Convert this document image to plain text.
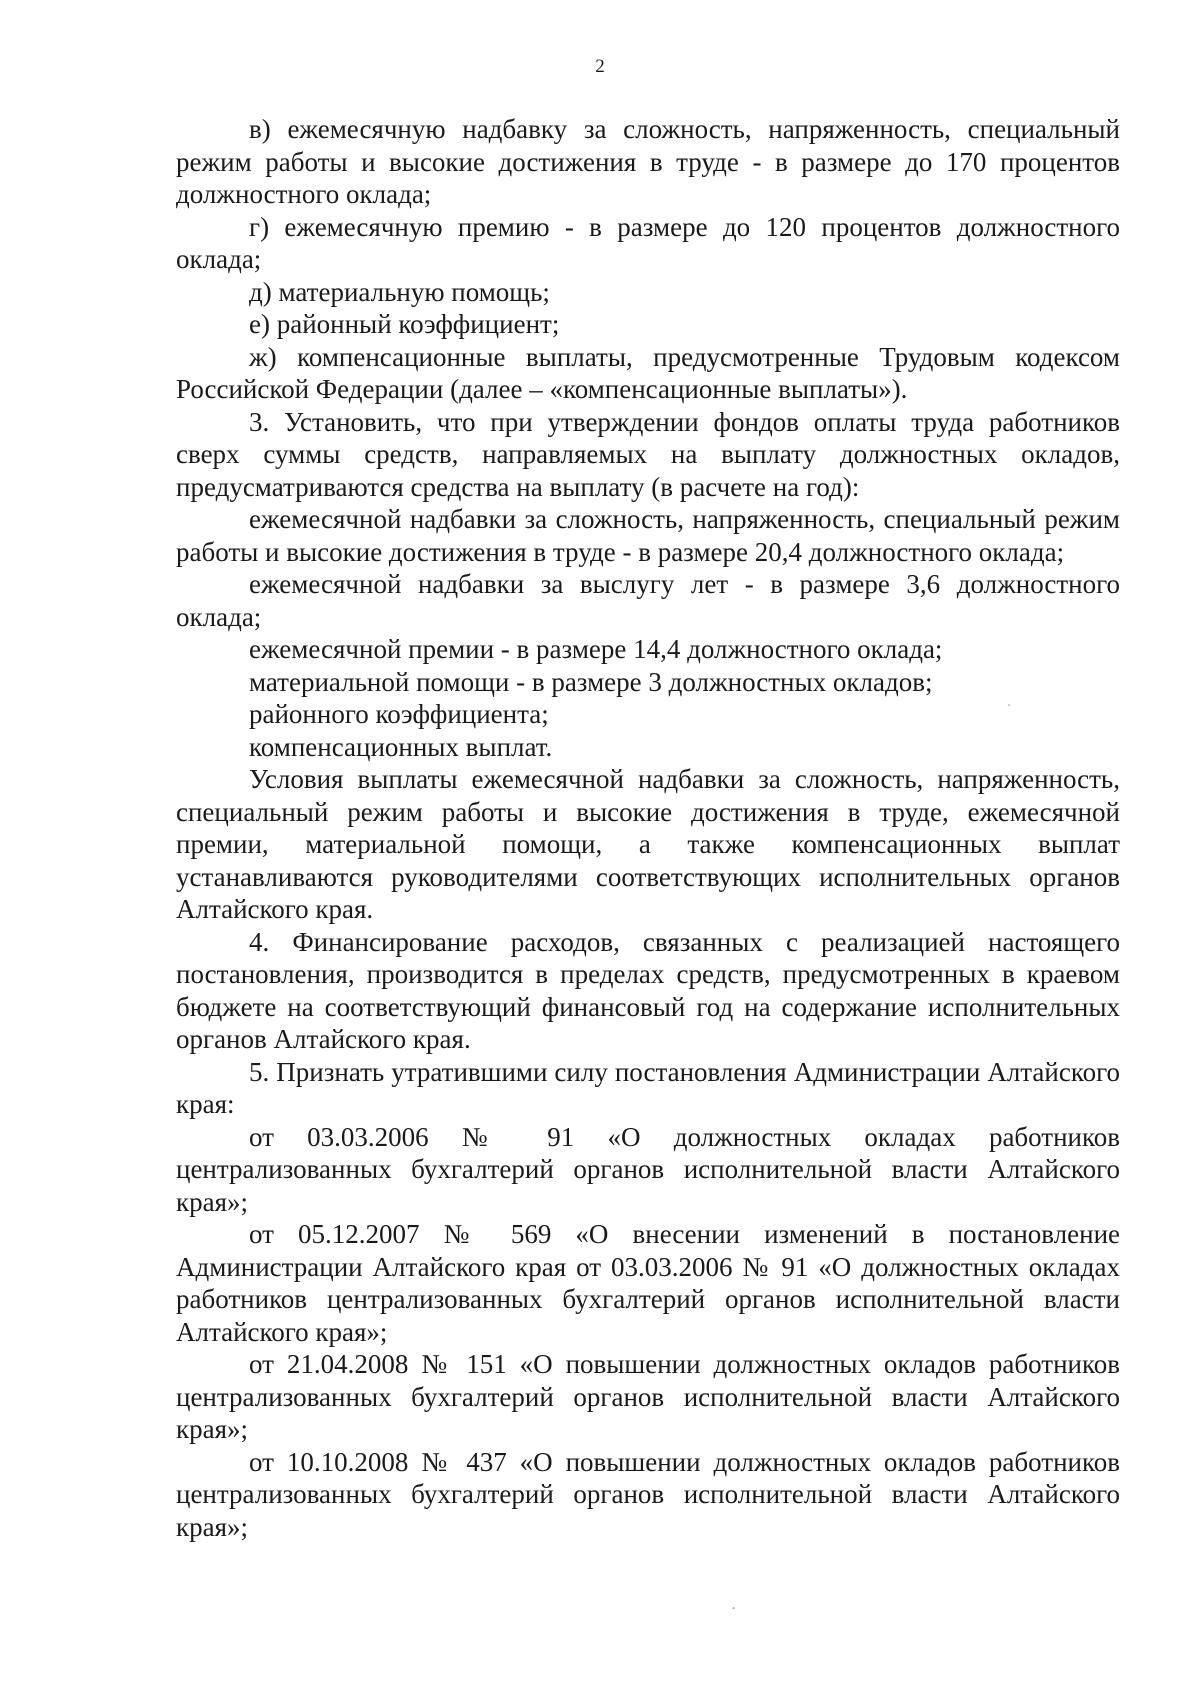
2

в) ежемесячную надбавку за сложность, напряженность, специальный режим работы и высокие достижения в труде - в размере до 170 процентов должностного оклада;

г) ежемесячную премию - в размере до 120 процентов должностного оклада;

д) материальную помощь;

е) районный коэффициент;

ж) компенсационные выплаты, предусмотренные Трудовым кодексом Российской Федерации (далее – «компенсационные выплаты»).

3. Установить, что при утверждении фондов оплаты труда работников сверх суммы средств, направляемых на выплату должностных окладов, предусматриваются средства на выплату (в расчете на год):

ежемесячной надбавки за сложность, напряженность, специальный режим работы и высокие достижения в труде - в размере 20,4 должностного оклада;

ежемесячной надбавки за выслугу лет - в размере 3,6 должностного оклада;

ежемесячной премии - в размере 14,4 должностного оклада;

материальной помощи - в размере 3 должностных окладов;

районного коэффициента;

компенсационных выплат.

Условия выплаты ежемесячной надбавки за сложность, напряженность, специальный режим работы и высокие достижения в труде, ежемесячной премии, материальной помощи, а также компенсационных выплат устанавливаются руководителями соответствующих исполнительных органов Алтайского края.

4. Финансирование расходов, связанных с реализацией настоящего постановления, производится в пределах средств, предусмотренных в краевом бюджете на соответствующий финансовый год на содержание исполнительных органов Алтайского края.

5. Признать утратившими силу постановления Администрации Алтайского края:

от 03.03.2006 № 91 «О должностных окладах работников централизованных бухгалтерий органов исполнительной власти Алтайского края»;

от 05.12.2007 № 569 «О внесении изменений в постановление Администрации Алтайского края от 03.03.2006 № 91 «О должностных окладах работников централизованных бухгалтерий органов исполнительной власти Алтайского края»;

от 21.04.2008 № 151 «О повышении должностных окладов работников централизованных бухгалтерий органов исполнительной власти Алтайского края»;

от 10.10.2008 № 437 «О повышении должностных окладов работников централизованных бухгалтерий органов исполнительной власти Алтайского края»;
